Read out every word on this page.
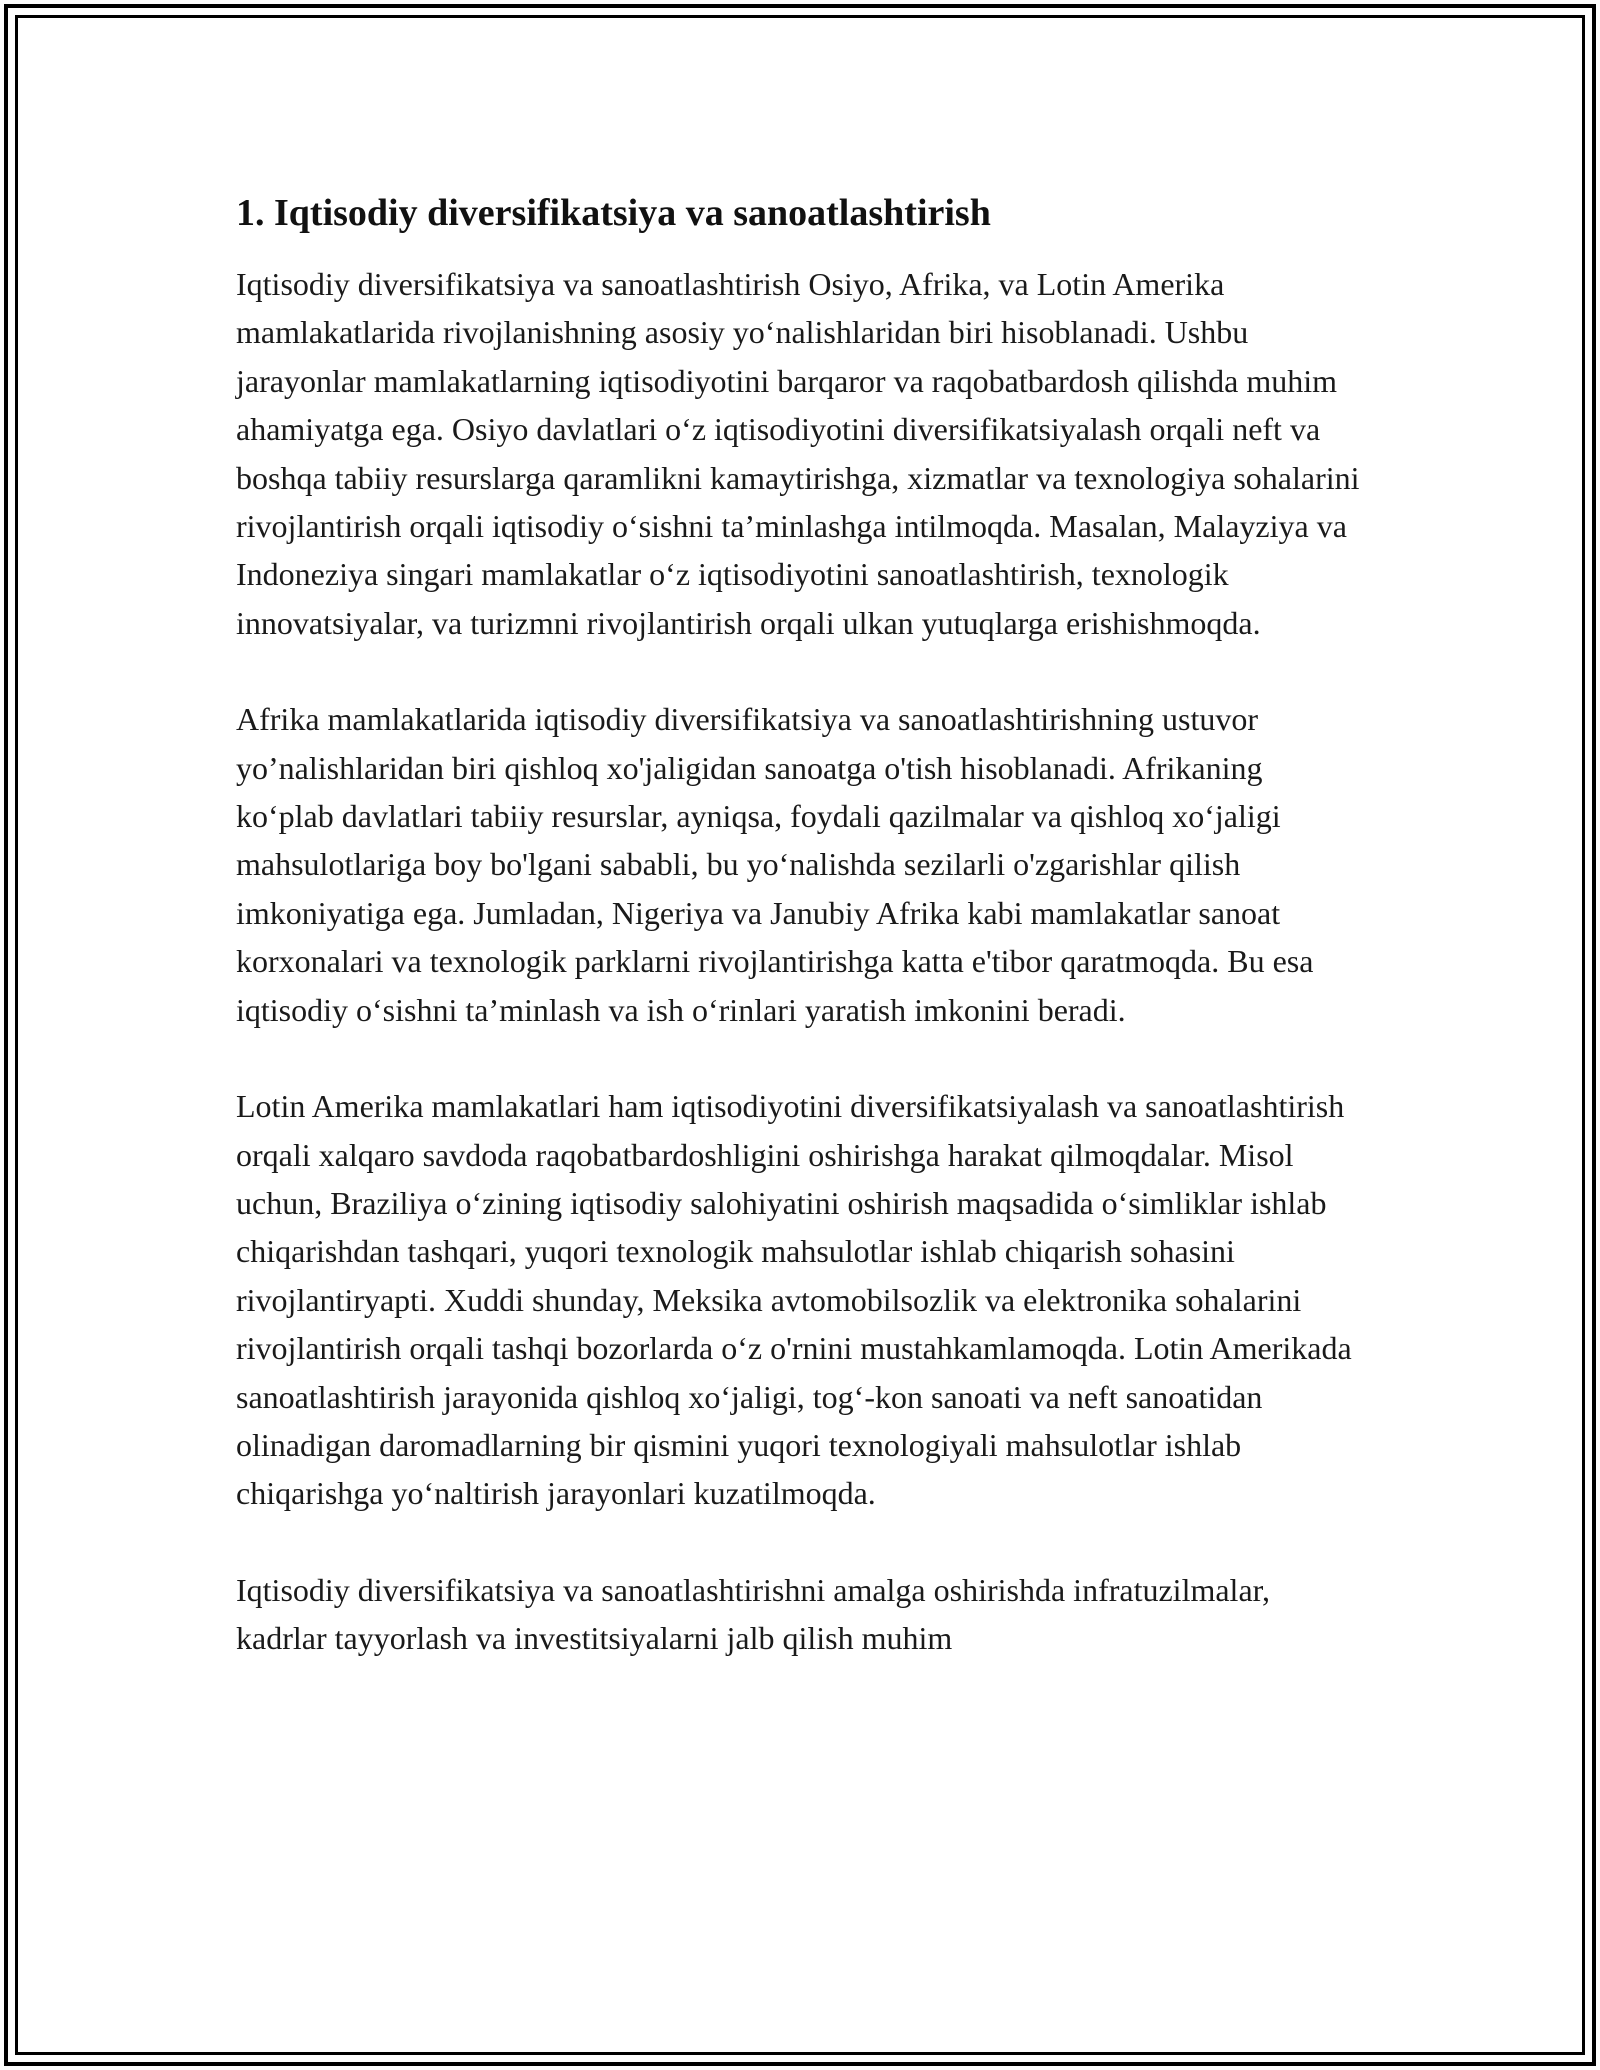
1. Iqtisodiy diversifikatsiya va sanoatlashtirish

Iqtisodiy diversifikatsiya va sanoatlashtirish Osiyo, Afrika, va Lotin Amerika mamlakatlarida rivojlanishning asosiy yo‘nalishlaridan biri hisoblanadi. Ushbu jarayonlar mamlakatlarning iqtisodiyotini barqaror va raqobatbardosh qilishda muhim ahamiyatga ega. Osiyo davlatlari o‘z iqtisodiyotini diversifikatsiyalash orqali neft va boshqa tabiiy resurslarga qaramlikni kamaytirishga, xizmatlar va texnologiya sohalarini rivojlantirish orqali iqtisodiy o‘sishni ta’minlashga intilmoqda. Masalan, Malayziya va Indoneziya singari mamlakatlar o‘z iqtisodiyotini sanoatlashtirish, texnologik innovatsiyalar, va turizmni rivojlantirish orqali ulkan yutuqlarga erishishmoqda.

Afrika mamlakatlarida iqtisodiy diversifikatsiya va sanoatlashtirishning ustuvor yo’nalishlaridan biri qishloq xo'jaligidan sanoatga o'tish hisoblanadi. Afrikaning ko‘plab davlatlari tabiiy resurslar, ayniqsa, foydali qazilmalar va qishloq xo‘jaligi mahsulotlariga boy bo'lgani sababli, bu yoʻnalishda sezilarli o'zgarishlar qilish imkoniyatiga ega. Jumladan, Nigeriya va Janubiy Afrika kabi mamlakatlar sanoat korxonalari va texnologik parklarni rivojlantirishga katta e'tibor qaratmoqda. Bu esa iqtisodiy o‘sishni ta’minlash va ish o‘rinlari yaratish imkonini beradi.

Lotin Amerika mamlakatlari ham iqtisodiyotini diversifikatsiyalash va sanoatlashtirish orqali xalqaro savdoda raqobatbardoshligini oshirishga harakat qilmoqdalar. Misol uchun, Braziliya o‘zining iqtisodiy salohiyatini oshirish maqsadida o‘simliklar ishlab chiqarishdan tashqari, yuqori texnologik mahsulotlar ishlab chiqarish sohasini rivojlantiryapti. Xuddi shunday, Meksika avtomobilsozlik va elektronika sohalarini rivojlantirish orqali tashqi bozorlarda o‘z o'rnini mustahkamlamoqda. Lotin Amerikada sanoatlashtirish jarayonida qishloq xo‘jaligi, tog‘-kon sanoati va neft sanoatidan olinadigan daromadlarning bir qismini yuqori texnologiyali mahsulotlar ishlab chiqarishga yo‘naltirish jarayonlari kuzatilmoqda.

Iqtisodiy diversifikatsiya va sanoatlashtirishni amalga oshirishda infratuzilmalar, kadrlar tayyorlash va investitsiyalarni jalb qilish muhim
